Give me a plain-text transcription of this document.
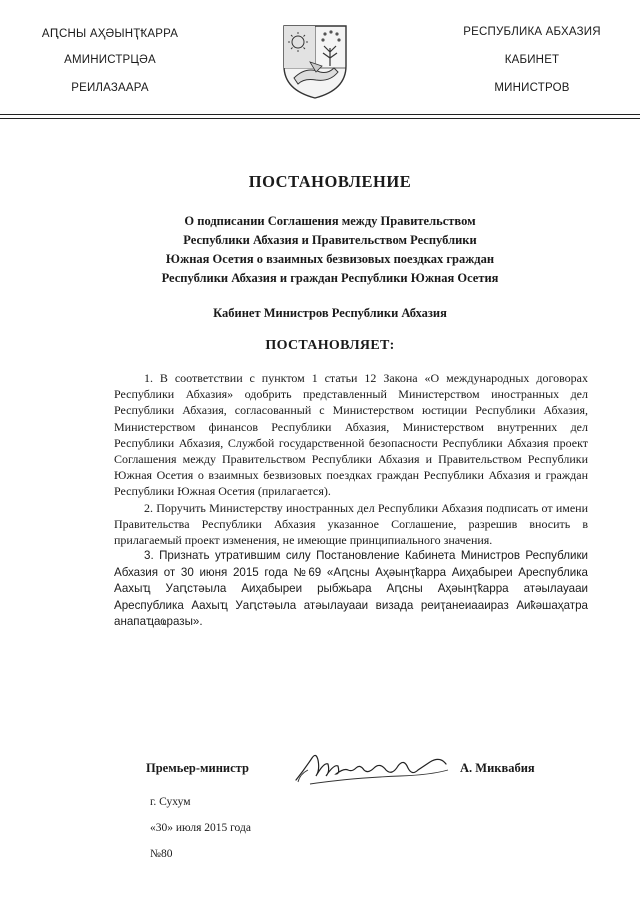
АԤСНЫ АҲӘЫНҬҞАРРА
АМИНИСТРЦӘА
РЕИЛАЗААРА
РЕСПУБЛИКА АБХАЗИЯ
КАБИНЕТ
МИНИСТРОВ
ПОСТАНОВЛЕНИЕ
О подписании Соглашения между Правительством
Республики Абхазия и Правительством Республики
Южная Осетия о взаимных безвизовых поездках граждан
Республики Абхазия и граждан Республики Южная Осетия
Кабинет Министров Республики Абхазия
ПОСТАНОВЛЯЕТ:

1. В соответствии с пунктом 1 статьи 12 Закона «О международных договорах Республики Абхазия» одобрить представленный Министерством иностранных дел Республики Абхазия, согласованный с Министерством юстиции Республики Абхазия, Министерством финансов Республики Абхазия, Министерством внутренних дел Республики Абхазия, Службой государственной безопасности Республики Абхазия проект Соглашения между Правительством Республики Абхазия и Правительством Республики Южная Осетия о взаимных безвизовых поездках граждан Республики Абхазия и граждан Республики Южная Осетия (прилагается).

2. Поручить Министерству иностранных дел Республики Абхазия подписать от имени Правительства Республики Абхазия указанное Соглашение, разрешив вносить в прилагаемый проект изменения, не имеющие принципиального значения.

3. Признать утратившим силу Постановление Кабинета Министров Республики Абхазия от 30 июня 2015 года №69 «Аԥсны Аҳәынҭҟарра Аиҳабыреи Ареспублика Аахыҵ Уаԥстәыла Аиҳабыреи рыбжьара Аԥсны Аҳәынҭҟарра атәылауааи Ареспублика Аахыҵ Уаԥстәыла атәылауааи визада реиҭанеиааираз Аиҟәшаҳатра анапаҵаҩразы».

Премьер-министр	А. Миквабия
г. Сухум
«30» июля 2015 года
№80
